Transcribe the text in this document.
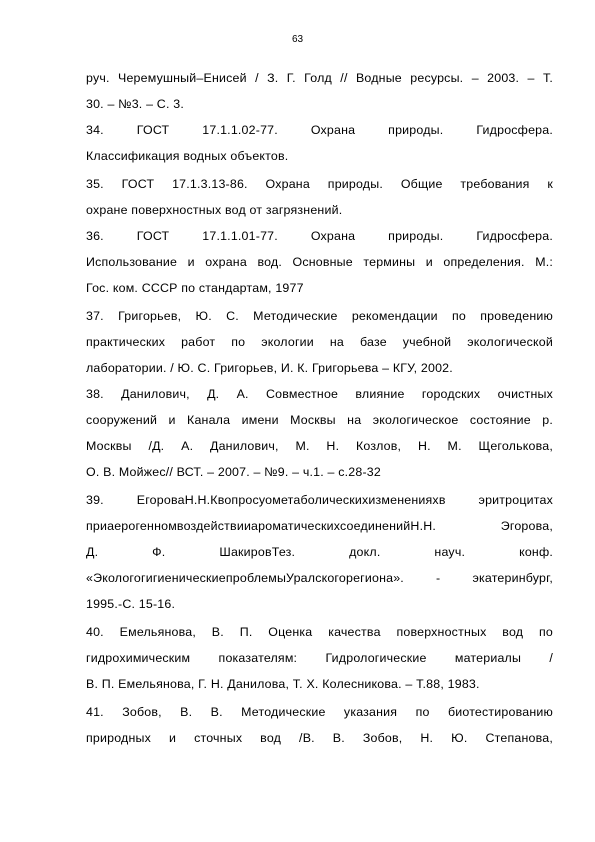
63
руч. Черемушный–Енисей / З. Г. Голд // Водные ресурсы. – 2003. – Т.
30. – №3. – С. 3.
34. ГОСТ 17.1.1.02-77. Охрана природы. Гидросфера.
Классификация водных объектов.
35. ГОСТ 17.1.3.13-86. Охрана природы. Общие требования к
охране поверхностных вод от загрязнений.
36. ГОСТ 17.1.1.01-77. Охрана природы. Гидросфера.
Использование и охрана вод. Основные термины и определения. М.:
Гос. ком. СССР по стандартам, 1977
37. Григорьев, Ю. С. Методические рекомендации по проведению
практических работ по экологии на базе учебной экологической
лаборатории. / Ю. С. Григорьев, И. К. Григорьева – КГУ, 2002.
38. Данилович, Д. А. Совместное влияние городских очистных
сооружений и Канала имени Москвы на экологическое состояние р.
Москвы /Д. А. Данилович, М. Н. Козлов, Н. М. Щеголькова,
О. В. Мойжес// ВСТ. – 2007. – №9. – ч.1. – с.28-32
39. ЕгороваН.Н.Квопросуометаболическихизмененияхв эритроцитах
приаерогенномвоздействииароматическихсоединенийН.Н. Эгорова,
Д. Ф. ШакировТез. докл. науч. конф.
«ЭкологогигиеническиепроблемыУралскогорегиона». - экатеринбург,
1995.-С. 15-16.
40. Емельянова, В. П. Оценка качества поверхностных вод по
гидрохимическим показателям: Гидрологические материалы /
В. П. Емельянова, Г. Н. Данилова, Т. Х. Колесникова. – Т.88, 1983.
41. Зобов, В. В. Методические указания по биотестированию
природных и сточных вод /В. В. Зобов, Н. Ю. Степанова,
